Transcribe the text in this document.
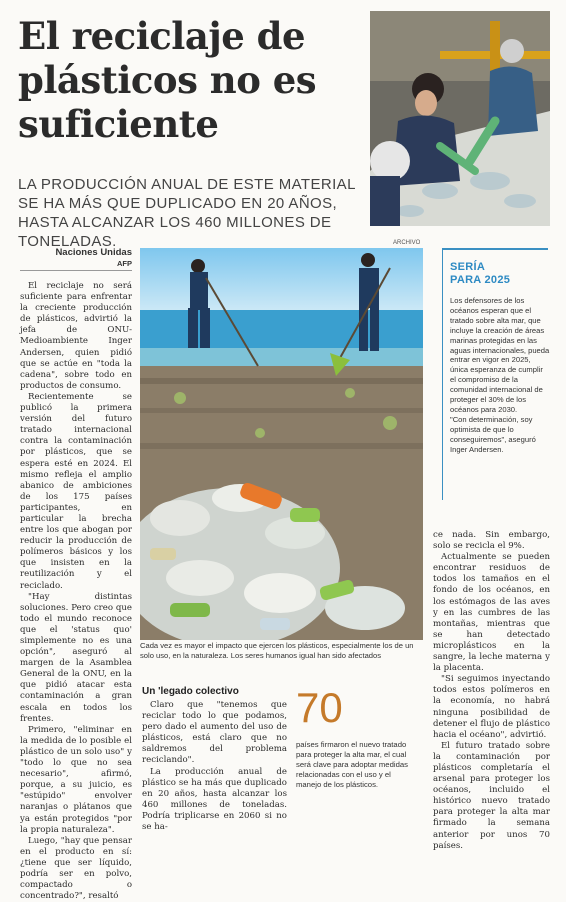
El reciclaje de plásticos no es suficiente
LA PRODUCCIÓN ANUAL DE ESTE MATERIAL SE HA MÁS QUE DUPLICADO EN 20 AÑOS, HASTA ALCANZAR LOS 460 MILLONES DE TONELADAS.
Naciones Unidas
AFP

El reciclaje no será suficiente para enfrentar la creciente producción de plásticos, advirtió la jefa de ONU-Medioambiente Inger Andersen, quien pidió que se actúe en "toda la cadena", sobre todo en productos de consumo.

Recientemente se publicó la primera versión del futuro tratado internacional contra la contaminación por plásticos, que se espera esté en 2024. El mismo refleja el amplio abanico de ambiciones de los 175 países participantes, en particular la brecha entre los que abogan por reducir la producción de polímeros básicos y los que insisten en la reutilización y el reciclado.

"Hay distintas soluciones. Pero creo que todo el mundo reconoce que el 'status quo' simplemente no es una opción", aseguró al margen de la Asamblea General de la ONU, en la que pidió atacar esta contaminación a gran escala en todos los frentes.

Primero, "eliminar en la medida de lo posible el plástico de un solo uso" y "todo lo que no sea necesario", afirmó, porque, a su juicio, es "estúpido" envolver naranjas o plátanos que ya están protegidos "por la propia naturaleza".

Luego, "hay que pensar en el producto en sí: ¿tiene que ser líquido, podría ser en polvo, compactado o concentrado?", resaltó

ARCHIVO
Cada vez es mayor el impacto que ejercen los plásticos, especialmente los de un solo uso, en la naturaleza. Los seres humanos igual han sido afectados
SERÍA
PARA 2025
Los defensores de los océanos esperan que el tratado sobre alta mar, que incluye la creación de áreas marinas protegidas en las aguas internacionales, pueda entrar en vigor en 2025, única esperanza de cumplir el compromiso de la comunidad internacional de proteger el 30% de los océanos para 2030.
"Con determinación, soy optimista de que lo conseguiremos", aseguró Inger Andersen.

ce nada. Sin embargo, solo se recicla el 9%.

Actualmente se pueden encontrar residuos de todos los tamaños en el fondo de los océanos, en los estómagos de las aves y en las cumbres de las montañas, mientras que se han detectado microplásticos en la sangre, la leche materna y la placenta.

"Si seguimos inyectando todos estos polímeros en la economía, no habrá ninguna posibilidad de detener el flujo de plástico hacia el océano", advirtió.

El futuro tratado sobre la contaminación por plásticos completaría el arsenal para proteger los océanos, incluido el histórico nuevo tratado para proteger la alta mar firmado la semana anterior por unos 70 países.

Un 'legado colectivo

Claro que "tenemos que reciclar todo lo que podamos, pero dado el aumento del uso de plásticos, está claro que no saldremos del problema reciclando".

La producción anual de plástico se ha más que duplicado en 20 años, hasta alcanzar los 460 millones de toneladas. Podría triplicarse en 2060 si no se ha-

70
países firmaron el nuevo tratado para proteger la alta mar, el cual será clave para adoptar medidas relacionadas con el uso y el manejo de los plásticos.
